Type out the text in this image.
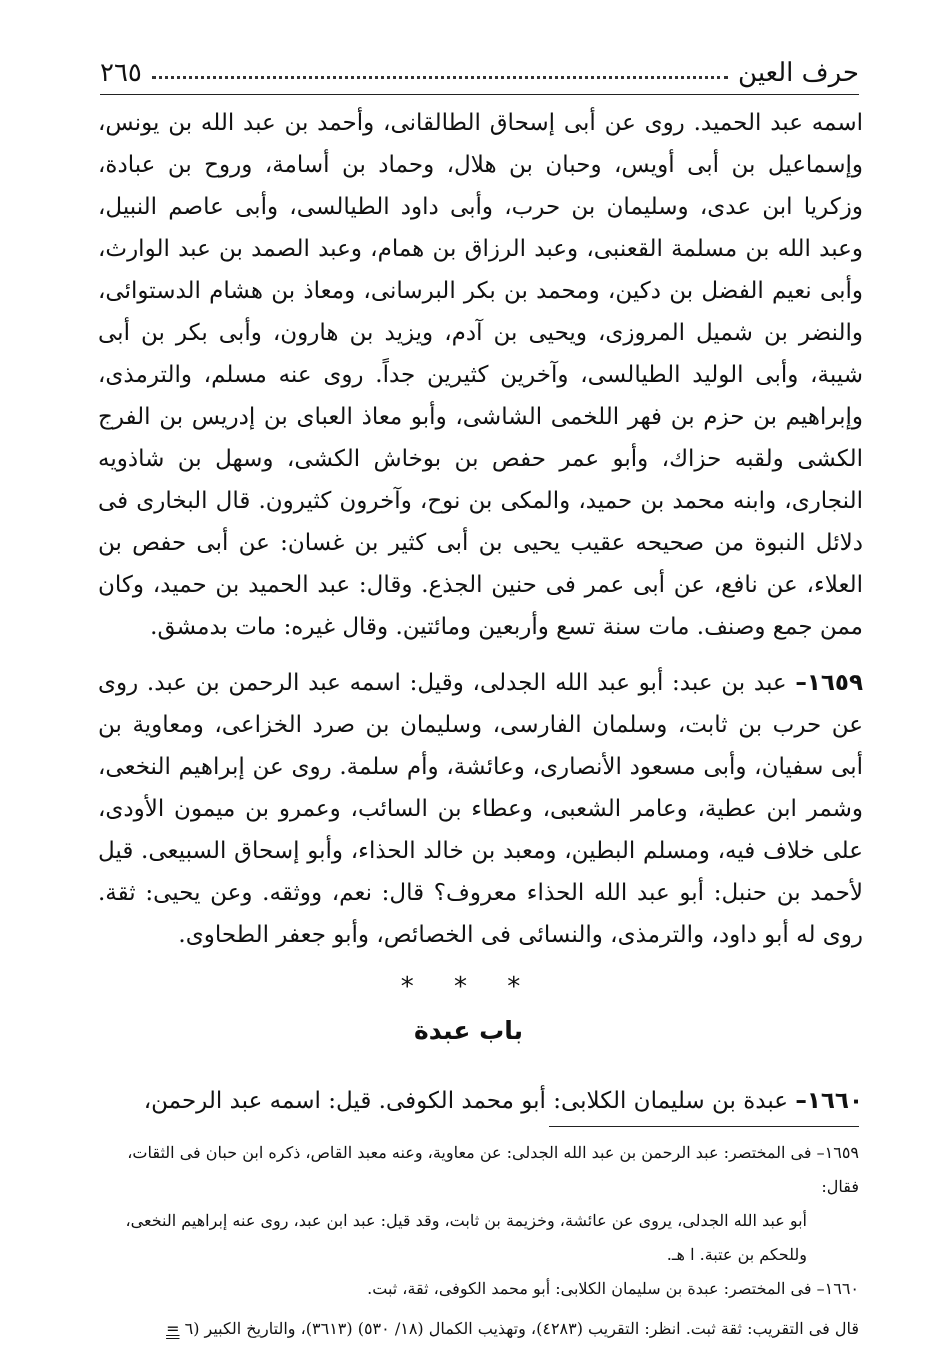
حرف العين
٢٦٥

اسمه عبد الحميد. روى عن أبى إسحاق الطالقانى، وأحمد بن عبد الله بن يونس، وإسماعيل بن أبى أويس، وحبان بن هلال، وحماد بن أسامة، وروح بن عبادة، وزكريا ابن عدى، وسليمان بن حرب، وأبى داود الطيالسى، وأبى عاصم النبيل، وعبد الله بن مسلمة القعنبى، وعبد الرزاق بن همام، وعبد الصمد بن عبد الوارث، وأبى نعيم الفضل بن دكين، ومحمد بن بكر البرسانى، ومعاذ بن هشام الدستوائى، والنضر بن شميل المروزى، ويحيى بن آدم، ويزيد بن هارون، وأبى بكر بن أبى شيبة، وأبى الوليد الطيالسى، وآخرين كثيرين جداً. روى عنه مسلم، والترمذى، وإبراهيم بن حزم بن فهر اللخمى الشاشى، وأبو معاذ العباى بن إدريس بن الفرج الكشى ولقبه حزاك، وأبو عمر حفص بن بوخاش الكشى، وسهل بن شاذويه النجارى، وابنه محمد بن حميد، والمكى بن نوح، وآخرون كثيرون. قال البخارى فى دلائل النبوة من صحيحه عقيب يحيى بن أبى كثير بن غسان: عن أبى حفص بن العلاء، عن نافع، عن أبى عمر فى حنين الجذع. وقال: عبد الحميد بن حميد، وكان ممن جمع وصنف. مات سنة تسع وأربعين ومائتين. وقال غيره: مات بدمشق.

١٦٥٩– عبد بن عبد: أبو عبد الله الجدلى، وقيل: اسمه عبد الرحمن بن عبد. روى عن حرب بن ثابت، وسلمان الفارسى، وسليمان بن صرد الخزاعى، ومعاوية بن أبى سفيان، وأبى مسعود الأنصارى، وعائشة، وأم سلمة. روى عن إبراهيم النخعى، وشمر ابن عطية، وعامر الشعبى، وعطاء بن السائب، وعمرو بن ميمون الأودى، على خلاف فيه، ومسلم البطين، ومعبد بن خالد الحذاء، وأبو إسحاق السبيعى. قيل لأحمد بن حنبل: أبو عبد الله الحذاء معروف؟ قال: نعم، ووثقه. وعن يحيى: ثقة. روى له أبو داود، والترمذى، والنسائى فى الخصائص، وأبو جعفر الطحاوى.

* * *
باب عبدة
١٦٦٠– عبدة بن سليمان الكلابى: أبو محمد الكوفى. قيل: اسمه عبد الرحمن،

١٦٥٩– فى المختصر: عبد الرحمن بن عبد الله الجدلى: عن معاوية، وعنه معبد القاص، ذكره ابن حبان فى الثقات، فقال:

أبو عبد الله الجدلى، يروى عن عائشة، وخزيمة بن ثابت، وقد قيل: عبد ابن عبد، روى عنه إبراهيم النخعى،

وللحكم بن عتبة. ا هـ.

١٦٦٠– فى المختصر: عبدة بن سليمان الكلابى: أبو محمد الكوفى، ثقة، ثبت.

قال فى التقريب: ثقة ثبت. انظر: التقريب (٤٢٨٣)، وتهذيب الكمال (١٨/ ٥٣٠) (٣٦١٣)، والتاريخ الكبير (٦ =
